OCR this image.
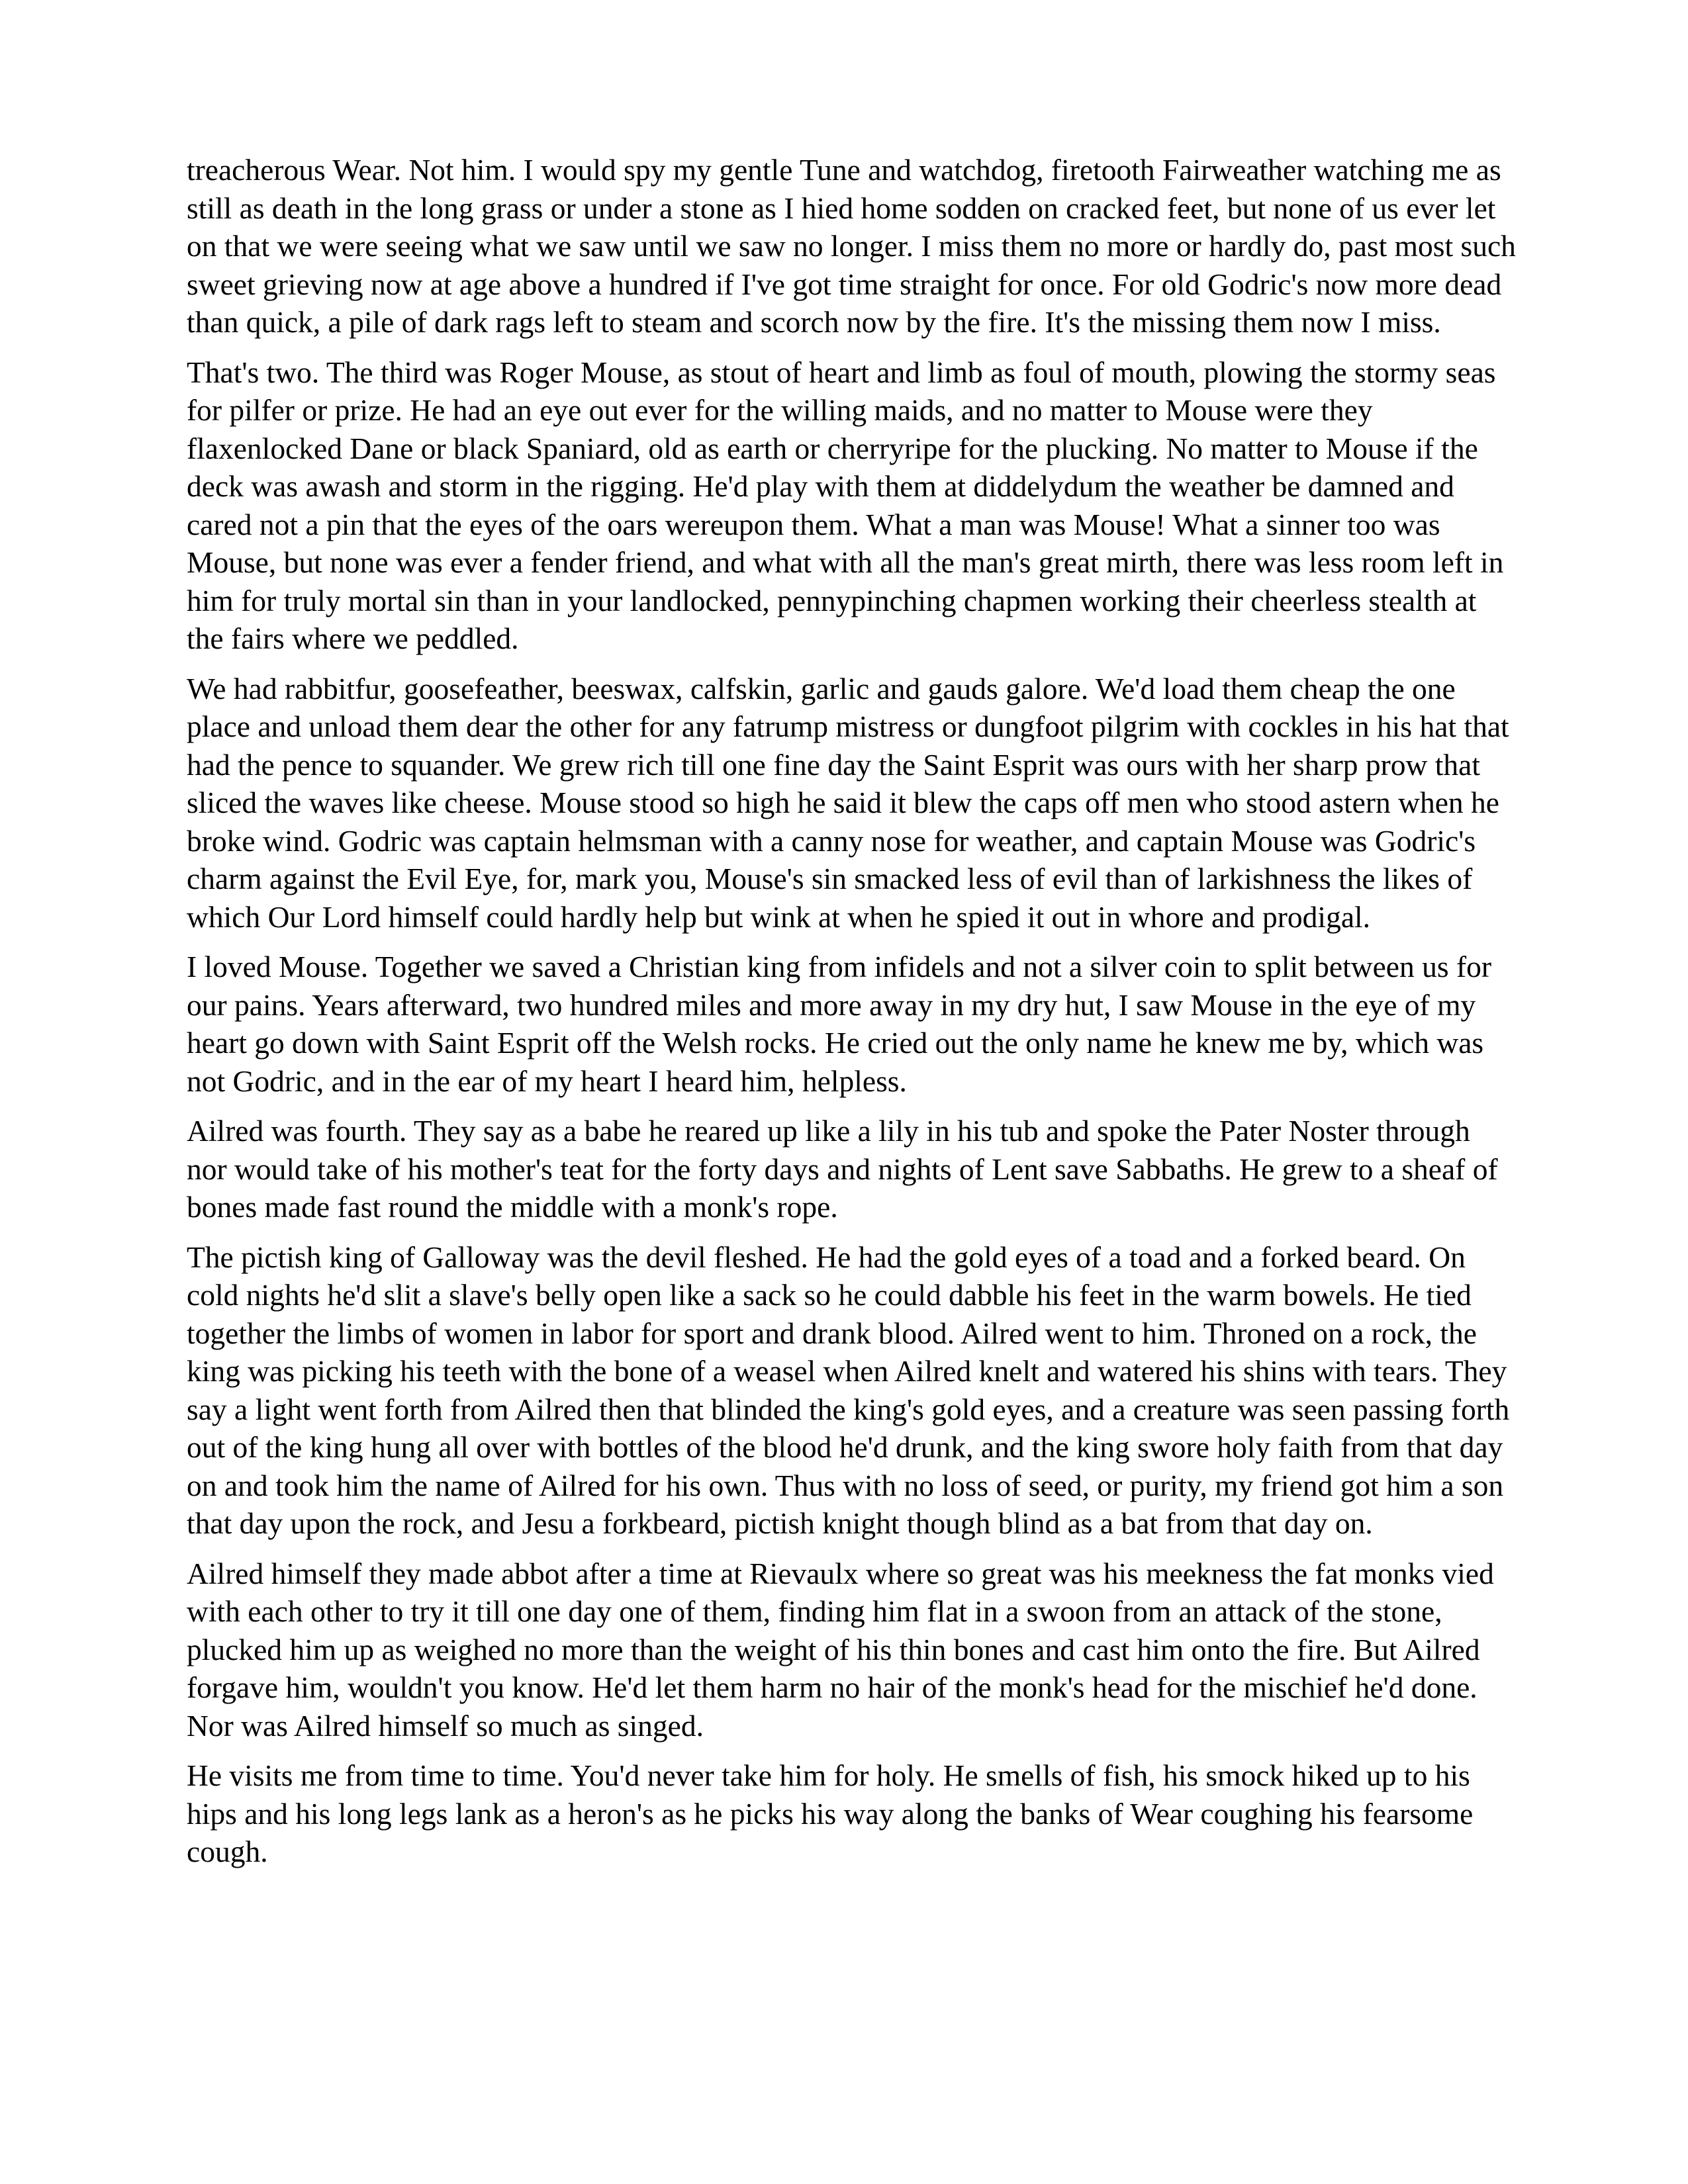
treacherous Wear. Not him. I would spy my gentle Tune and watchdog, firetooth Fairweather watching me as still as death in the long grass or under a stone as I hied home sodden on cracked feet, but none of us ever let on that we were seeing what we saw until we saw no longer. I miss them no more or hardly do, past most such sweet grieving now at age above a hundred if I've got time straight for once. For old Godric's now more dead than quick, a pile of dark rags left to steam and scorch now by the fire. It's the missing them now I miss.

That's two. The third was Roger Mouse, as stout of heart and limb as foul of mouth, plowing the stormy seas for pilfer or prize. He had an eye out ever for the willing maids, and no matter to Mouse were they flaxenlocked Dane or black Spaniard, old as earth or cherryripe for the plucking. No matter to Mouse if the deck was awash and storm in the rigging. He'd play with them at diddelydum the weather be damned and cared not a pin that the eyes of the oars wereupon them. What a man was Mouse! What a sinner too was Mouse, but none was ever a fender friend, and what with all the man's great mirth, there was less room left in him for truly mortal sin than in your landlocked, pennypinching chapmen working their cheerless stealth at the fairs where we peddled.

We had rabbitfur, goosefeather, beeswax, calfskin, garlic and gauds galore. We'd load them cheap the one place and unload them dear the other for any fatrump mistress or dungfoot pilgrim with cockles in his hat that had the pence to squander. We grew rich till one fine day the Saint Esprit was ours with her sharp prow that sliced the waves like cheese. Mouse stood so high he said it blew the caps off men who stood astern when he broke wind. Godric was captain helmsman with a canny nose for weather, and captain Mouse was Godric's charm against the Evil Eye, for, mark you, Mouse's sin smacked less of evil than of larkishness the likes of which Our Lord himself could hardly help but wink at when he spied it out in whore and prodigal.

I loved Mouse. Together we saved a Christian king from infidels and not a silver coin to split between us for our pains. Years afterward, two hundred miles and more away in my dry hut, I saw Mouse in the eye of my heart go down with Saint Esprit off the Welsh rocks. He cried out the only name he knew me by, which was not Godric, and in the ear of my heart I heard him, helpless.

Ailred was fourth. They say as a babe he reared up like a lily in his tub and spoke the Pater Noster through nor would take of his mother's teat for the forty days and nights of Lent save Sabbaths. He grew to a sheaf of bones made fast round the middle with a monk's rope.

The pictish king of Galloway was the devil fleshed. He had the gold eyes of a toad and a forked beard. On cold nights he'd slit a slave's belly open like a sack so he could dabble his feet in the warm bowels. He tied together the limbs of women in labor for sport and drank blood. Ailred went to him. Throned on a rock, the king was picking his teeth with the bone of a weasel when Ailred knelt and watered his shins with tears. They say a light went forth from Ailred then that blinded the king's gold eyes, and a creature was seen passing forth out of the king hung all over with bottles of the blood he'd drunk, and the king swore holy faith from that day on and took him the name of Ailred for his own. Thus with no loss of seed, or purity, my friend got him a son that day upon the rock, and Jesu a forkbeard, pictish knight though blind as a bat from that day on.

Ailred himself they made abbot after a time at Rievaulx where so great was his meekness the fat monks vied with each other to try it till one day one of them, finding him flat in a swoon from an attack of the stone, plucked him up as weighed no more than the weight of his thin bones and cast him onto the fire. But Ailred forgave him, wouldn't you know. He'd let them harm no hair of the monk's head for the mischief he'd done. Nor was Ailred himself so much as singed.

He visits me from time to time. You'd never take him for holy. He smells of fish, his smock hiked up to his hips and his long legs lank as a heron's as he picks his way along the banks of Wear coughing his fearsome cough.
